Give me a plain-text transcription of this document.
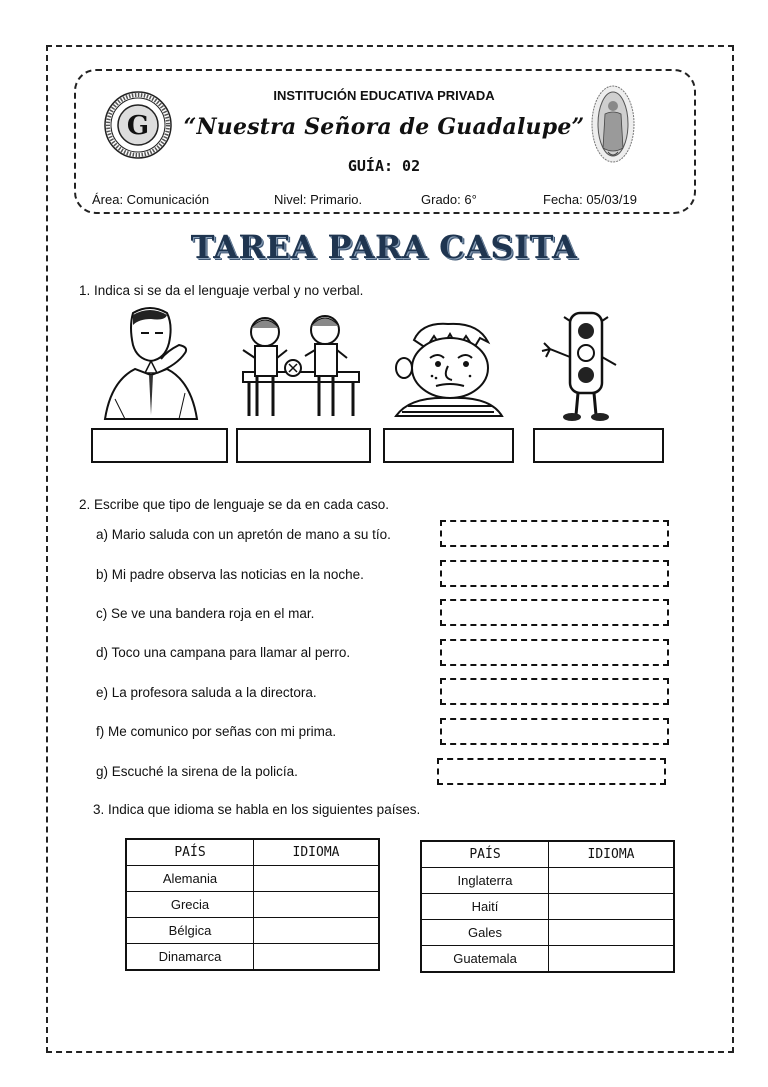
G
INSTITUCIÓN EDUCATIVA PRIVADA
“Nuestra Señora de Guadalupe”
GUÍA: 02
Área: Comunicación	Nivel: Primario.	Grado: 6°	Fecha: 05/03/19
TAREA PARA CASITA
1. Indica si se da el lenguaje verbal y no verbal.
2. Escribe que tipo de lenguaje se da en cada caso.
a) Mario saluda con un apretón de mano a su tío.
b) Mi padre observa las noticias en la noche.
c) Se ve una bandera roja en el mar.
d) Toco una campana para llamar al perro.
e) La profesora saluda a la directora.
f) Me comunico por señas con mi prima.
g) Escuché la sirena de la policía.
3. Indica que idioma se habla en los siguientes países.
PAÍS	IDIOMA
Alemania	
Grecia	
Bélgica	
Dinamarca	
PAÍS	IDIOMA
Inglaterra	
Haití	
Gales	
Guatemala	
